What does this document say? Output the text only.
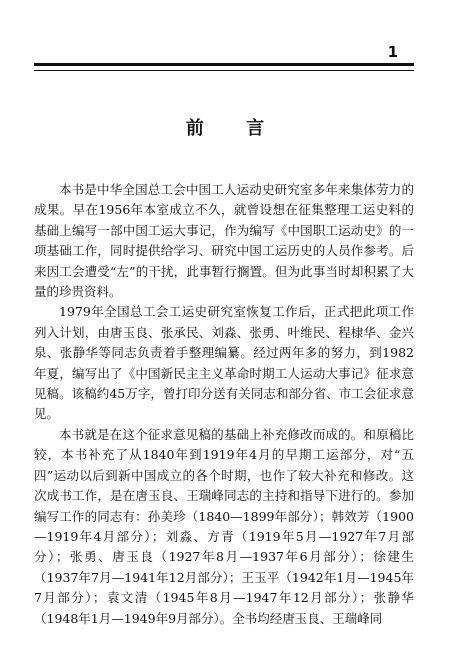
1
前 言

本书是中华全国总工会中国工人运动史研究室多年来集体劳力的成果。早在1956年本室成立不久，就曾设想在征集整理工运史料的基础上编写一部中国工运大事记，作为编写《中国职工运动史》的一项基础工作，同时提供给学习、研究中国工运历史的人员作参考。后来因工会遭受“左”的干扰，此事暂行搁置。但为此事当时却积累了大量的珍贵资料。

1979年全国总工会工运史研究室恢复工作后，正式把此项工作列入计划，由唐玉良、张承民、刘淼、张勇、叶维民、程棣华、金兴泉、张静华等同志负责着手整理编纂。经过两年多的努力，到1982年夏，编写出了《中国新民主主义革命时期工人运动大事记》征求意见稿。该稿约45万字，曾打印分送有关同志和部分省、市工会征求意见。

本书就是在这个征求意见稿的基础上补充修改而成的。和原稿比较，本书补充了从1840年到1919年4月的早期工运部分，对“五四”运动以后到新中国成立的各个时期，也作了较大补充和修改。这次成书工作，是在唐玉良、王瑞峰同志的主持和指导下进行的。参加编写工作的同志有：孙美珍（1840—1899年部分）；韩效芳（1900—1919年4月部分）；刘淼、方青（1919年5月—1927年7月部分）；张勇、唐玉良（1927年8月—1937年6月部分）；徐建生（1937年7月—1941年12月部分）；王玉平（1942年1月—1945年7月部分）；袁文清（1945年8月—1947年12月部分）；张静华（1948年1月—1949年9月部分）。全书均经唐玉良、王瑞峰同
